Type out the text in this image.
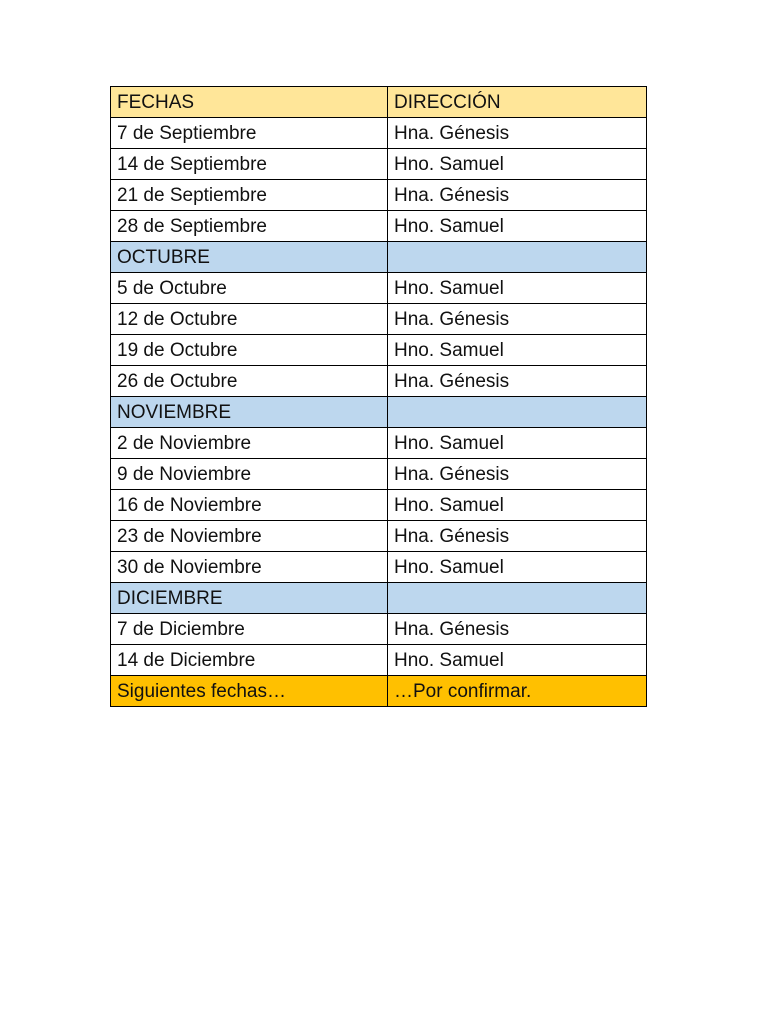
FECHAS	DIRECCIÓN
7 de Septiembre	Hna. Génesis
14 de Septiembre	Hno. Samuel
21 de Septiembre	Hna. Génesis
28 de Septiembre	Hno. Samuel
OCTUBRE	
5 de Octubre	Hno. Samuel
12 de Octubre	Hna. Génesis
19 de Octubre	Hno. Samuel
26 de Octubre	Hna. Génesis
NOVIEMBRE	
2 de Noviembre	Hno. Samuel
9 de Noviembre	Hna. Génesis
16 de Noviembre	Hno. Samuel
23 de Noviembre	Hna. Génesis
30 de Noviembre	Hno. Samuel
DICIEMBRE	
7 de Diciembre	Hna. Génesis
14 de Diciembre	Hno. Samuel
Siguientes fechas…	…Por confirmar.
